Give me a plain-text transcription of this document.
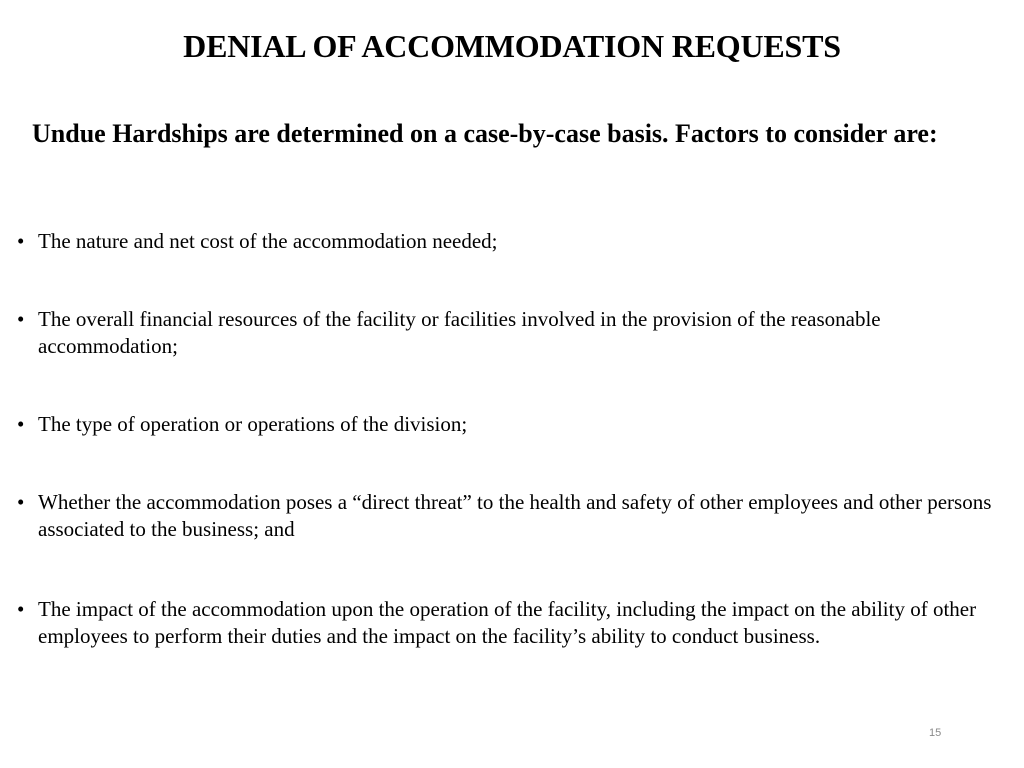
DENIAL OF ACCOMMODATION REQUESTS

Undue Hardships are determined on a case-by-case basis. Factors to consider are:

• The nature and net cost of the accommodation needed;
• The overall financial resources of the facility or facilities involved in the provision of the reasonable accommodation;
• The type of operation or operations of the division;
• Whether the accommodation poses a “direct threat” to the health and safety of other employees and other persons associated to the business; and
• The impact of the accommodation upon the operation of the facility, including the impact on the ability of other employees to perform their duties and the impact on the facility’s ability to conduct business.
15
